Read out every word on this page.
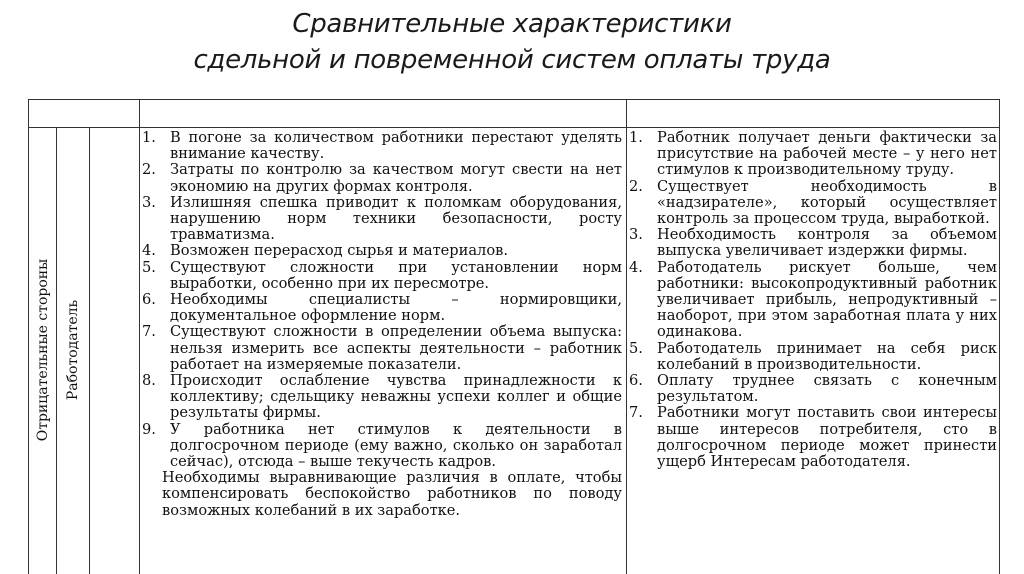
Сравнительные характеристики
сдельной и повременной систем оплаты труда
Отрицательные стороны Работодатель
1. В погоне за количеством работники перестают уделять внимание качеству.
2. Затраты по контролю за качеством могут свести на нет экономию на других формах контроля.
3. Излишняя спешка приводит к поломкам оборудования, нарушению норм техники безопасности, росту травматизма.
4. Возможен перерасход сырья и материалов.
5. Существуют сложности при установлении норм выработки, особенно при их пересмотре.
6. Необходимы специалисты – нормировщики, документальное оформление норм.
7. Существуют сложности в определении объема выпуска: нельзя измерить все аспекты деятельности – работник работает на измеряемые показатели.
8. Происходит ослабление чувства принадлежности к коллективу; сдельщику неважны успехи коллег и общие результаты фирмы.
9. У работника нет стимулов к деятельности в долгосрочном периоде (ему важно, сколько он заработал сейчас), отсюда – выше текучесть кадров.
Необходимы выравнивающие различия в оплате, чтобы компенсировать беспокойство работников по поводу возможных колебаний в их заработке.
1. Работник получает деньги фактически за присутствие на рабочей месте – у него нет стимулов к производительному труду.
2. Существует необходимость в «надзирателе», который осуществляет контроль за процессом труда, выработкой.
3. Необходимость контроля за объемом выпуска увеличивает издержки фирмы.
4. Работодатель рискует больше, чем работники: высокопродуктивный работник увеличивает прибыль, непродуктивный – наоборот, при этом заработная плата у них одинакова.
5. Работодатель принимает на себя риск колебаний в производительности.
6. Оплату труднее связать с конечным результатом.
7. Работники могут поставить свои интересы выше интересов потребителя, сто в долгосрочном периоде может принести ущерб Интересам работодателя.
